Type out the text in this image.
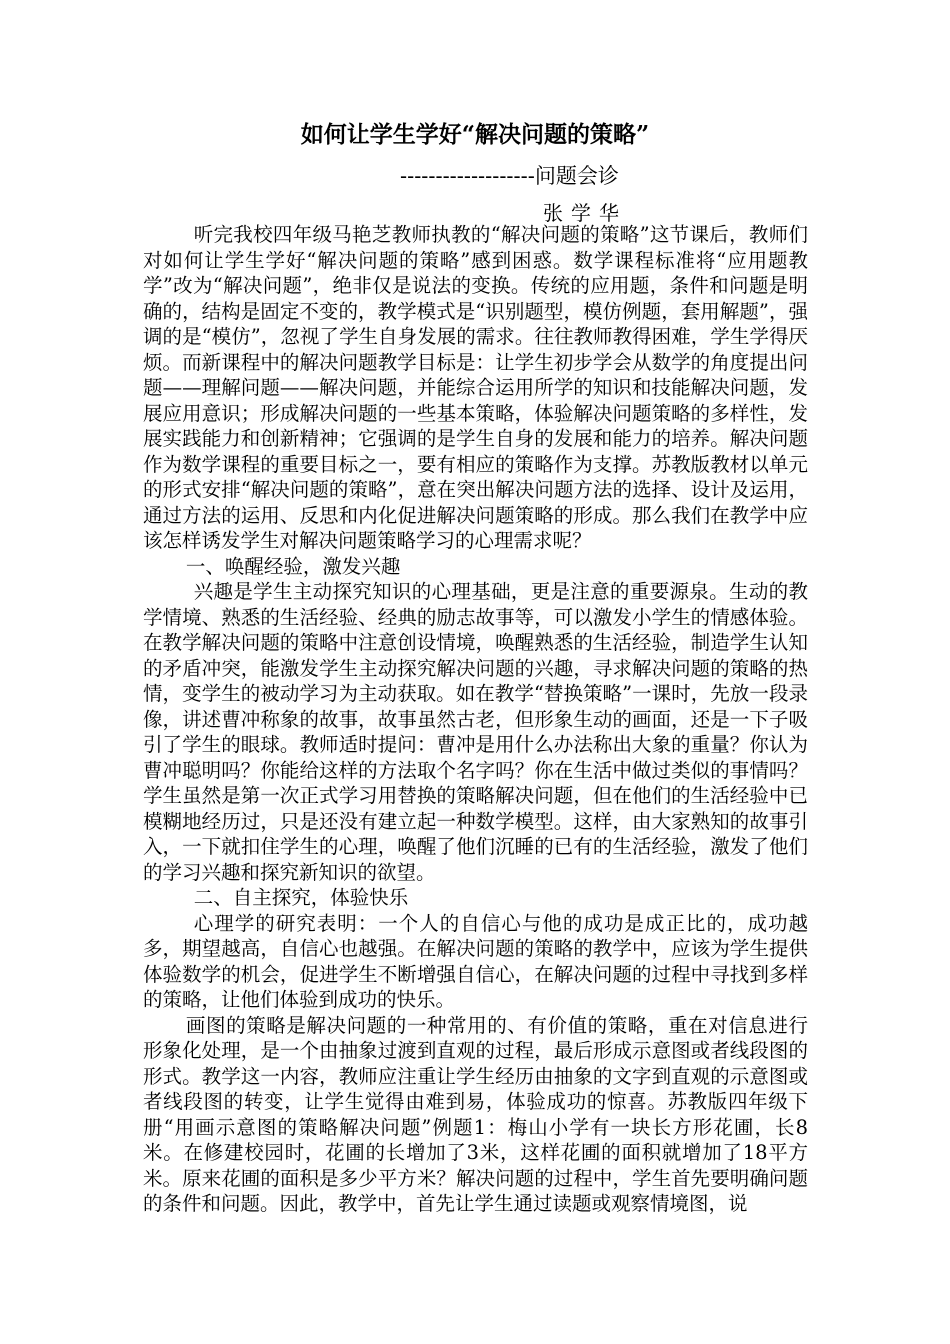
如何让学生学好“解决问题的策略”
-------------------问题会诊
张学华

听完我校四年级马艳芝教师执教的“解决问题的策略”这节课后，教师们对如何让学生学好“解决问题的策略”感到困惑。数学课程标准将“应用题教学”改为“解决问题”，绝非仅是说法的变换。传统的应用题，条件和问题是明确的，结构是固定不变的，教学模式是“识别题型，模仿例题，套用解题”，强调的是“模仿”，忽视了学生自身发展的需求。往往教师教得困难，学生学得厌烦。而新课程中的解决问题教学目标是：让学生初步学会从数学的角度提出问题——理解问题——解决问题，并能综合运用所学的知识和技能解决问题，发展应用意识；形成解决问题的一些基本策略，体验解决问题策略的多样性，发展实践能力和创新精神；它强调的是学生自身的发展和能力的培养。解决问题作为数学课程的重要目标之一，要有相应的策略作为支撑。苏教版教材以单元的形式安排“解决问题的策略”，意在突出解决问题方法的选择、设计及运用，通过方法的运用、反思和内化促进解决问题策略的形成。那么我们在教学中应该怎样诱发学生对解决问题策略学习的心理需求呢？

一、唤醒经验，激发兴趣

兴趣是学生主动探究知识的心理基础，更是注意的重要源泉。生动的教学情境、熟悉的生活经验、经典的励志故事等，可以激发小学生的情感体验。在教学解决问题的策略中注意创设情境，唤醒熟悉的生活经验，制造学生认知的矛盾冲突，能激发学生主动探究解决问题的兴趣，寻求解决问题的策略的热情，变学生的被动学习为主动获取。如在教学“替换策略”一课时，先放一段录像，讲述曹冲称象的故事，故事虽然古老，但形象生动的画面，还是一下子吸引了学生的眼球。教师适时提问：曹冲是用什么办法称出大象的重量？你认为曹冲聪明吗？你能给这样的方法取个名字吗？你在生活中做过类似的事情吗？学生虽然是第一次正式学习用替换的策略解决问题，但在他们的生活经验中已模糊地经历过，只是还没有建立起一种数学模型。这样，由大家熟知的故事引入，一下就扣住学生的心理，唤醒了他们沉睡的已有的生活经验，激发了他们的学习兴趣和探究新知识的欲望。

二、自主探究，体验快乐

心理学的研究表明：一个人的自信心与他的成功是成正比的，成功越多，期望越高，自信心也越强。在解决问题的策略的教学中，应该为学生提供体验数学的机会，促进学生不断增强自信心，在解决问题的过程中寻找到多样的策略，让他们体验到成功的快乐。

画图的策略是解决问题的一种常用的、有价值的策略，重在对信息进行形象化处理，是一个由抽象过渡到直观的过程，最后形成示意图或者线段图的形式。教学这一内容，教师应注重让学生经历由抽象的文字到直观的示意图或者线段图的转变，让学生觉得由难到易，体验成功的惊喜。苏教版四年级下册“用画示意图的策略解决问题”例题1：梅山小学有一块长方形花圃，长8米。在修建校园时，花圃的长增加了3米，这样花圃的面积就增加了18平方米。原来花圃的面积是多少平方米？解决问题的过程中，学生首先要明确问题的条件和问题。因此，教学中，首先让学生通过读题或观察情境图，说
